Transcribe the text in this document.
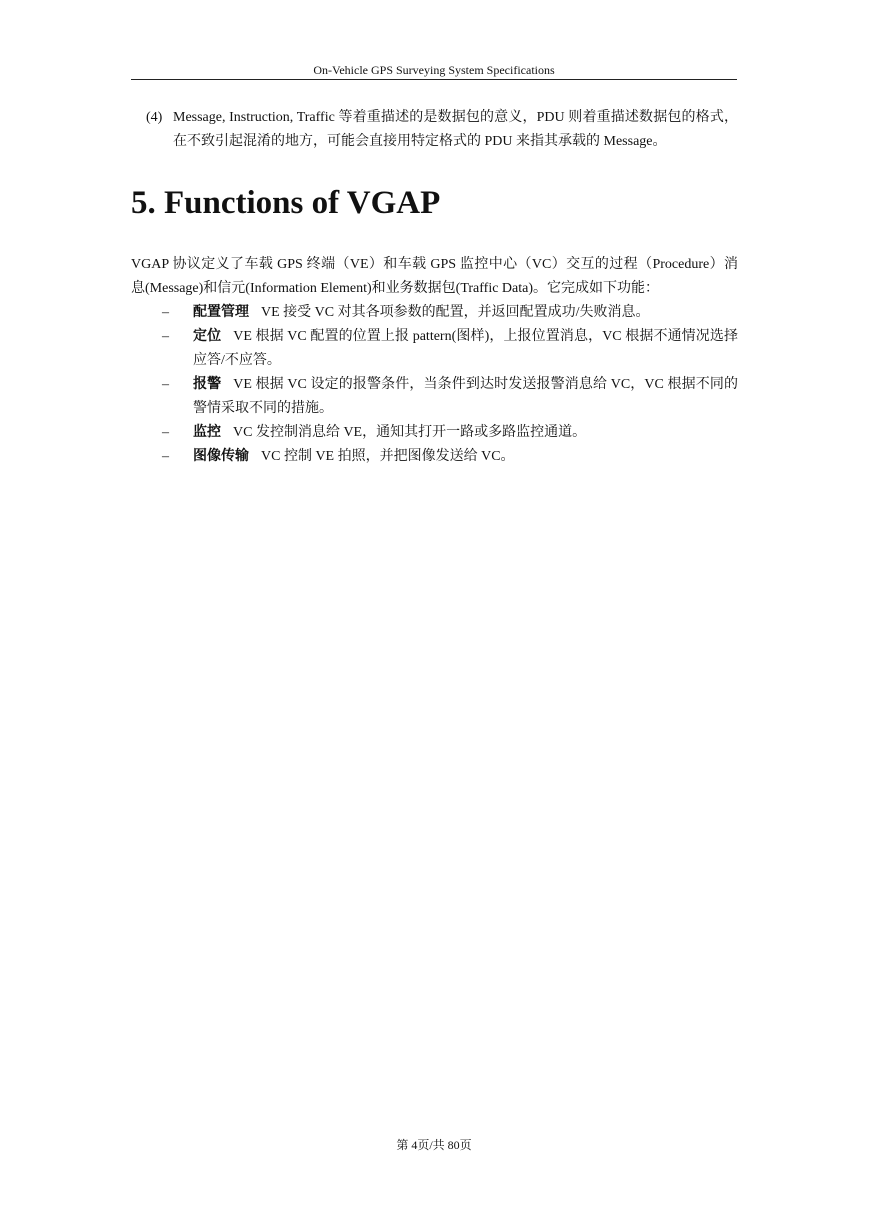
On-Vehicle GPS Surveying System Specifications
(4) Message, Instruction, Traffic 等着重描述的是数据包的意义，PDU 则着重描述数据包的格式，在不致引起混淆的地方，可能会直接用特定格式的 PDU 来指其承载的 Message。
5. Functions of VGAP
VGAP 协议定义了车载 GPS 终端（VE）和车载 GPS 监控中心（VC）交互的过程（Procedure）消息(Message)和信元(Information Element)和业务数据包(Traffic Data)。它完成如下功能：
– 配置管理 VE 接受 VC 对其各项参数的配置，并返回配置成功/失败消息。
– 定位 VE 根据 VC 配置的位置上报 pattern(图样)，上报位置消息，VC 根据不通情况选择应答/不应答。
– 报警 VE 根据 VC 设定的报警条件，当条件到达时发送报警消息给 VC，VC 根据不同的警情采取不同的措施。
– 监控 VC 发控制消息给 VE，通知其打开一路或多路监控通道。
– 图像传输 VC 控制 VE 拍照，并把图像发送给 VC。
第 4页/共 80页
